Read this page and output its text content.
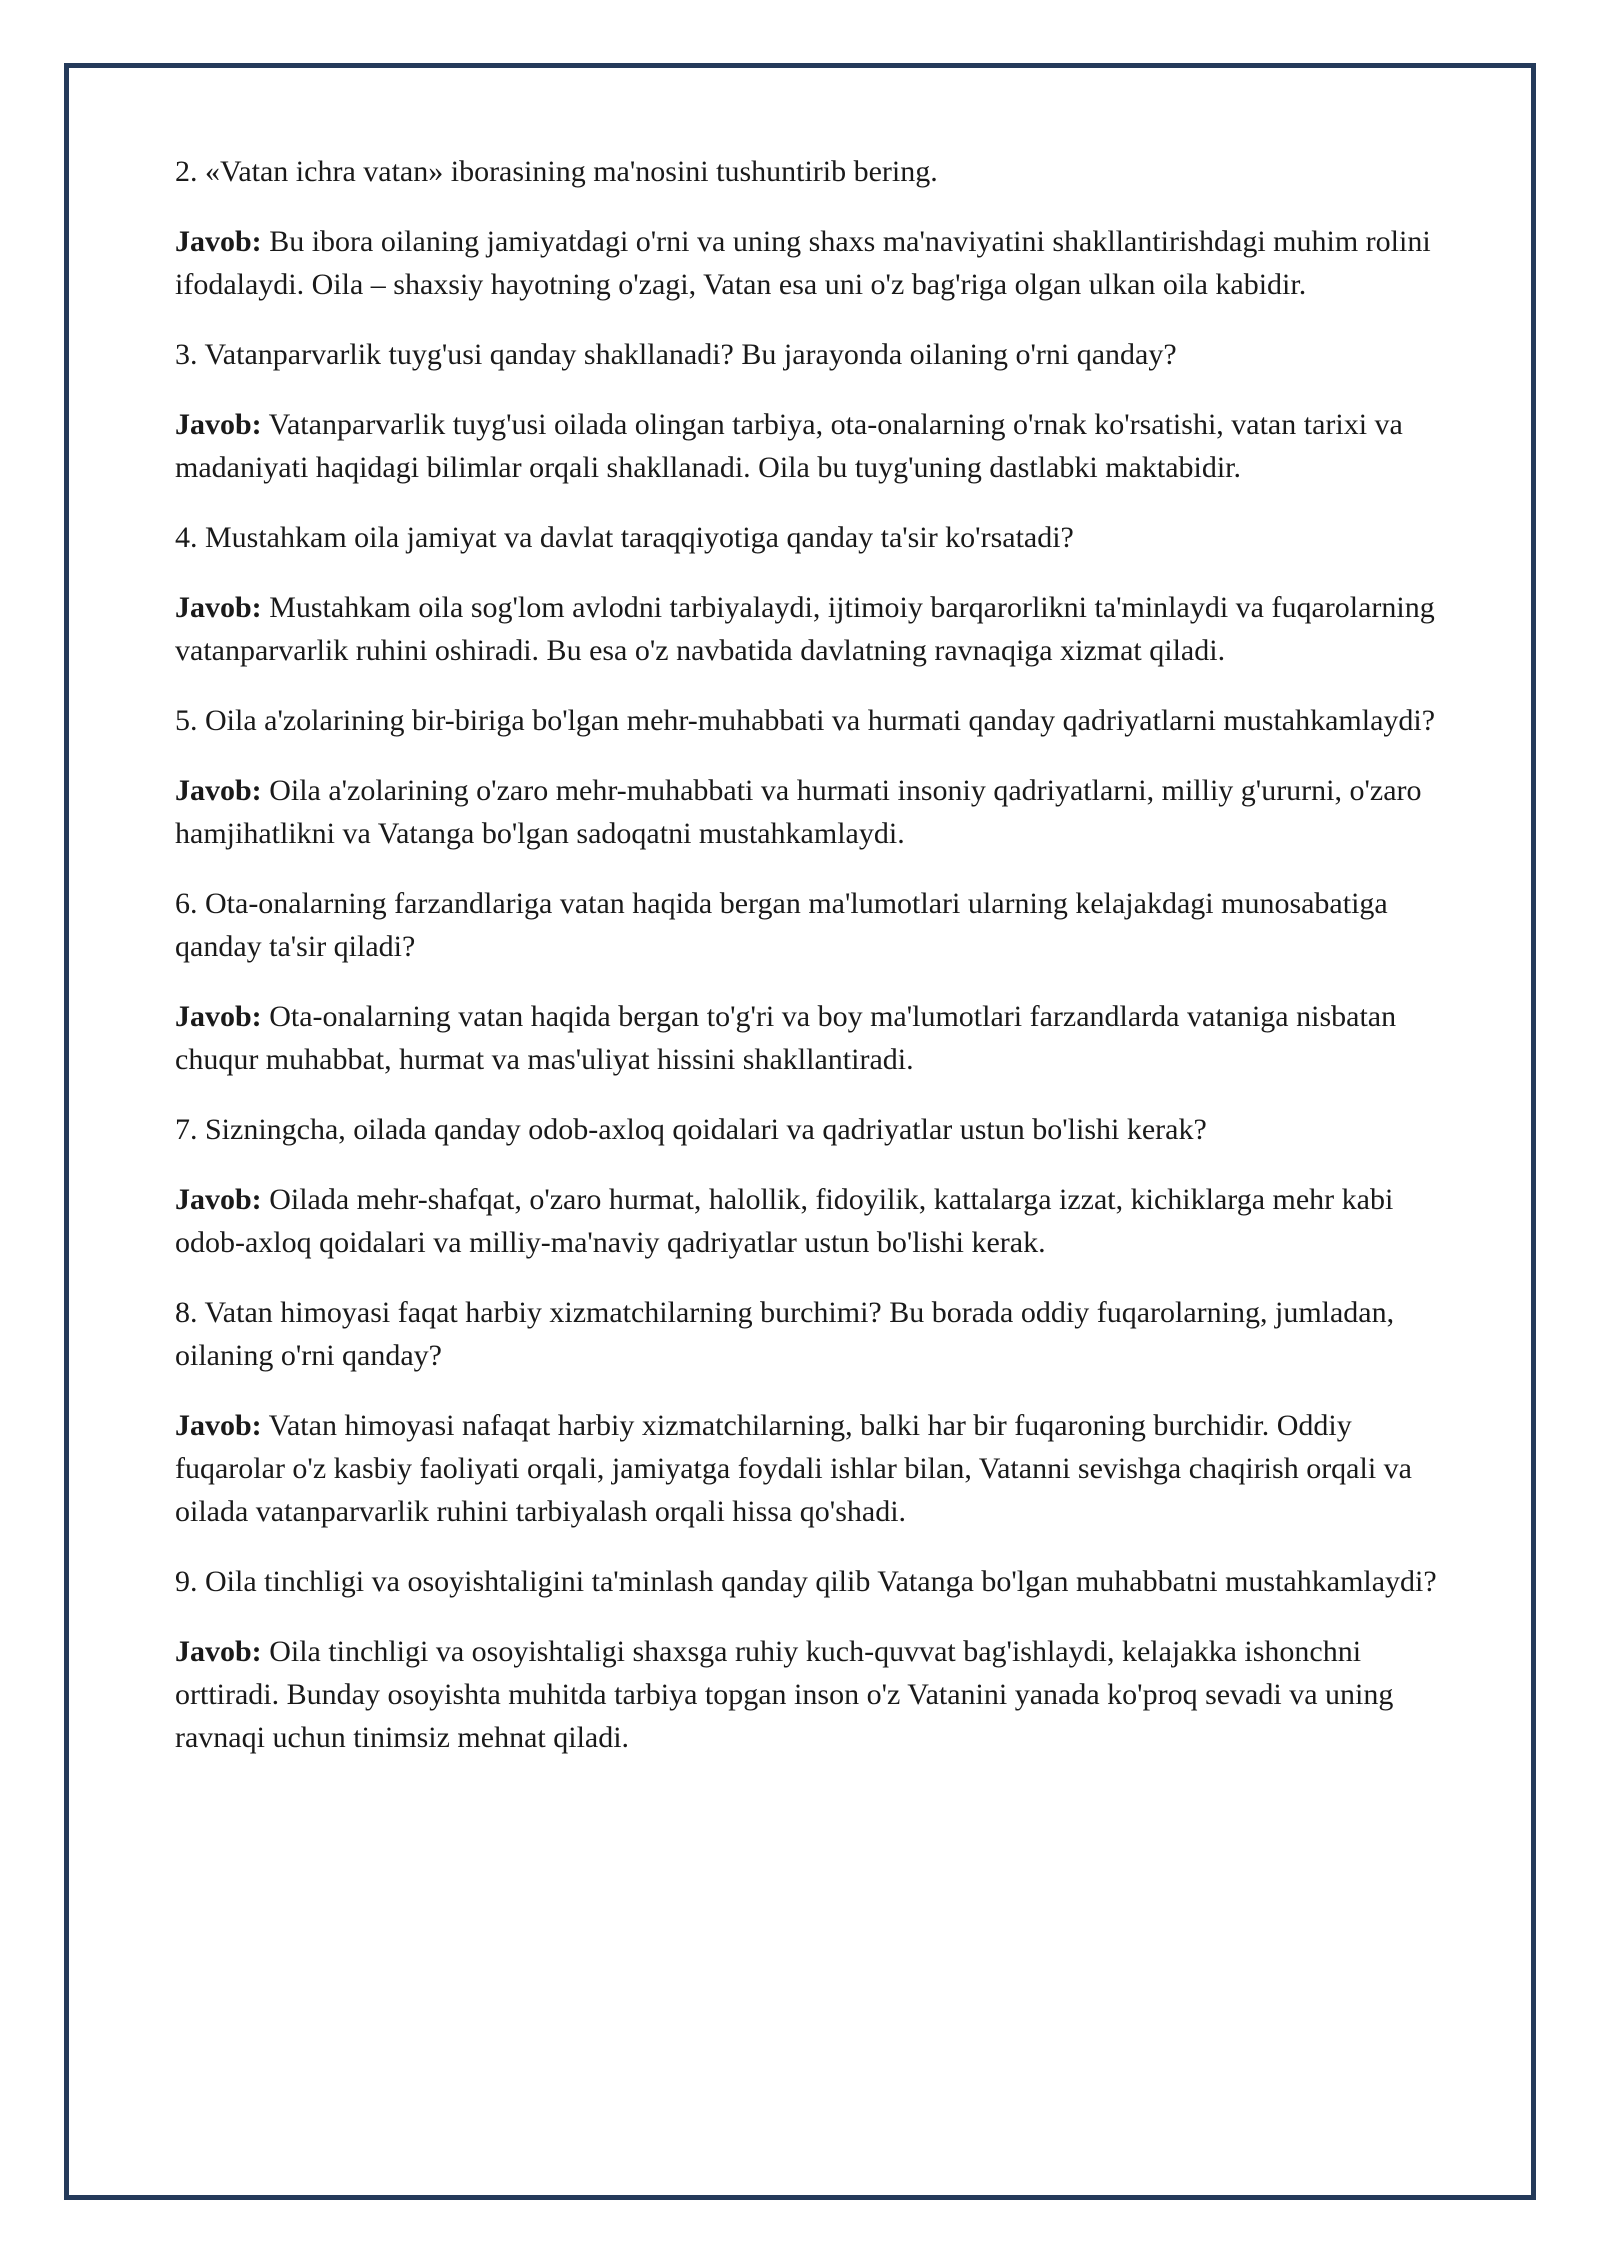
2. «Vatan ichra vatan» iborasining ma'nosini tushuntirib bering.

Javob: Bu ibora oilaning jamiyatdagi o'rni va uning shaxs ma'naviyatini shakllantirishdagi muhim rolini ifodalaydi. Oila – shaxsiy hayotning o'zagi, Vatan esa uni o'z bag'riga olgan ulkan oila kabidir.

3. Vatanparvarlik tuyg'usi qanday shakllanadi? Bu jarayonda oilaning o'rni qanday?

Javob: Vatanparvarlik tuyg'usi oilada olingan tarbiya, ota-onalarning o'rnak ko'rsatishi, vatan tarixi va madaniyati haqidagi bilimlar orqali shakllanadi. Oila bu tuyg'uning dastlabki maktabidir.

4. Mustahkam oila jamiyat va davlat taraqqiyotiga qanday ta'sir ko'rsatadi?

Javob: Mustahkam oila sog'lom avlodni tarbiyalaydi, ijtimoiy barqarorlikni ta'minlaydi va fuqarolarning vatanparvarlik ruhini oshiradi. Bu esa o'z navbatida davlatning ravnaqiga xizmat qiladi.

5. Oila a'zolarining bir-biriga bo'lgan mehr-muhabbati va hurmati qanday qadriyatlarni mustahkamlaydi?

Javob: Oila a'zolarining o'zaro mehr-muhabbati va hurmati insoniy qadriyatlarni, milliy g'ururni, o'zaro hamjihatlikni va Vatanga bo'lgan sadoqatni mustahkamlaydi.

6. Ota-onalarning farzandlariga vatan haqida bergan ma'lumotlari ularning kelajakdagi munosabatiga qanday ta'sir qiladi?

Javob: Ota-onalarning vatan haqida bergan to'g'ri va boy ma'lumotlari farzandlarda vataniga nisbatan chuqur muhabbat, hurmat va mas'uliyat hissini shakllantiradi.

7. Sizningcha, oilada qanday odob-axloq qoidalari va qadriyatlar ustun bo'lishi kerak?

Javob: Oilada mehr-shafqat, o'zaro hurmat, halollik, fidoyilik, kattalarga izzat, kichiklarga mehr kabi odob-axloq qoidalari va milliy-ma'naviy qadriyatlar ustun bo'lishi kerak.

8. Vatan himoyasi faqat harbiy xizmatchilarning burchimi? Bu borada oddiy fuqarolarning, jumladan, oilaning o'rni qanday?

Javob: Vatan himoyasi nafaqat harbiy xizmatchilarning, balki har bir fuqaroning burchidir. Oddiy fuqarolar o'z kasbiy faoliyati orqali, jamiyatga foydali ishlar bilan, Vatanni sevishga chaqirish orqali va oilada vatanparvarlik ruhini tarbiyalash orqali hissa qo'shadi.

9. Oila tinchligi va osoyishtaligini ta'minlash qanday qilib Vatanga bo'lgan muhabbatni mustahkamlaydi?

Javob: Oila tinchligi va osoyishtaligi shaxsga ruhiy kuch-quvvat bag'ishlaydi, kelajakka ishonchni orttiradi. Bunday osoyishta muhitda tarbiya topgan inson o'z Vatanini yanada ko'proq sevadi va uning ravnaqi uchun tinimsiz mehnat qiladi.
